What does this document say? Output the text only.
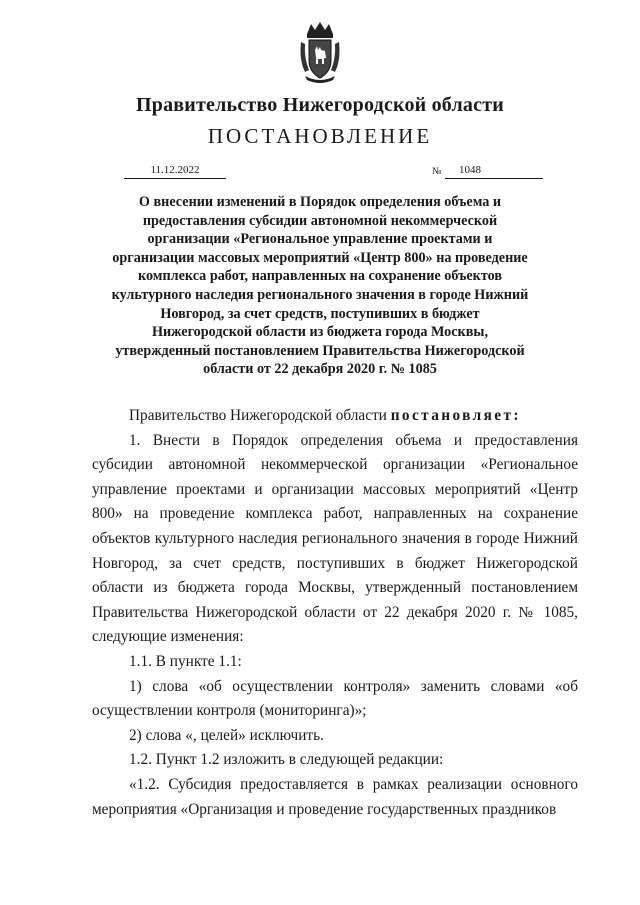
Правительство Нижегородской области
ПОСТАНОВЛЕНИЕ
11.12.2022	№	1048

О внесении изменений в Порядок определения объема и предоставления субсидии автономной некоммерческой организации «Региональное управление проектами и организации массовых мероприятий «Центр 800» на проведение комплекса работ, направленных на сохранение объектов культурного наследия регионального значения в городе Нижний Новгород, за счет средств, поступивших в бюджет Нижегородской области из бюджета города Москвы, утвержденный постановлением Правительства Нижегородской области от 22 декабря 2020 г. № 1085

Правительство Нижегородской области постановляет:

1. Внести в Порядок определения объема и предоставления субсидии автономной некоммерческой организации «Региональное управление проектами и организации массовых мероприятий «Центр 800» на проведение комплекса работ, направленных на сохранение объектов культурного наследия регионального значения в городе Нижний Новгород, за счет средств, поступивших в бюджет Нижегородской области из бюджета города Москвы, утвержденный постановлением Правительства Нижегородской области от 22 декабря 2020 г. № 1085, следующие изменения:

1.1. В пункте 1.1:

1) слова «об осуществлении контроля» заменить словами «об осуществлении контроля (мониторинга)»;

2) слова «, целей» исключить.

1.2. Пункт 1.2 изложить в следующей редакции:

«1.2. Субсидия предоставляется в рамках реализации основного мероприятия «Организация и проведение государственных праздников
